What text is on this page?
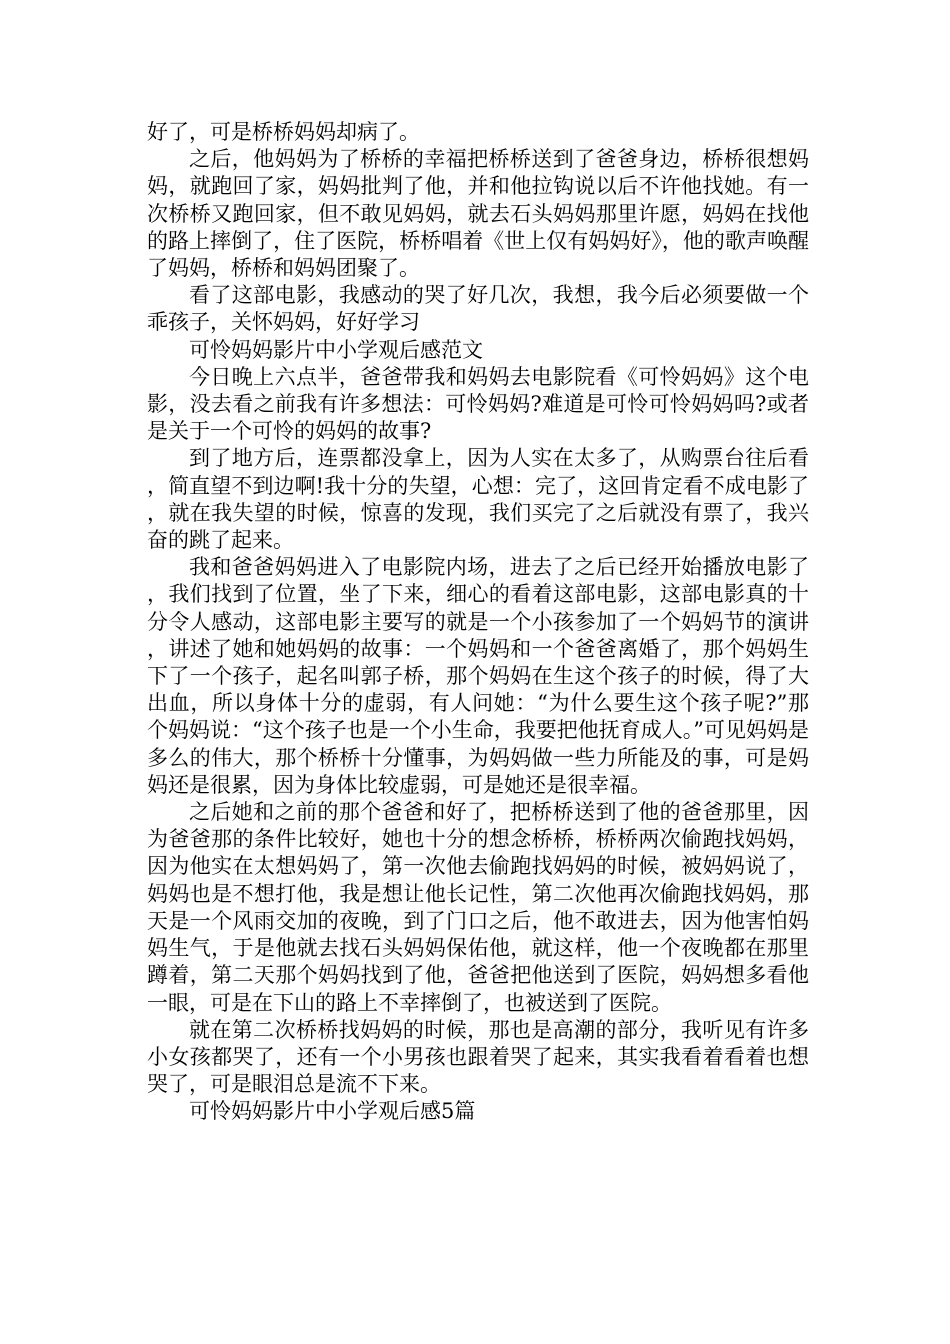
好了，可是桥桥妈妈却病了。

之后，他妈妈为了桥桥的幸福把桥桥送到了爸爸身边，桥桥很想妈妈，就跑回了家，妈妈批判了他，并和他拉钩说以后不许他找她。有一次桥桥又跑回家，但不敢见妈妈，就去石头妈妈那里许愿，妈妈在找他的路上摔倒了，住了医院，桥桥唱着《世上仅有妈妈好》，他的歌声唤醒了妈妈，桥桥和妈妈团聚了。

看了这部电影，我感动的哭了好几次，我想，我今后必须要做一个乖孩子，关怀妈妈，好好学习

可怜妈妈影片中小学观后感范文

今日晚上六点半，爸爸带我和妈妈去电影院看《可怜妈妈》这个电影，没去看之前我有许多想法：可怜妈妈?难道是可怜可怜妈妈吗?或者是关于一个可怜的妈妈的故事?

到了地方后，连票都没拿上，因为人实在太多了，从购票台往后看，简直望不到边啊!我十分的失望，心想：完了，这回肯定看不成电影了，就在我失望的时候，惊喜的发现，我们买完了之后就没有票了，我兴奋的跳了起来。

我和爸爸妈妈进入了电影院内场，进去了之后已经开始播放电影了，我们找到了位置，坐了下来，细心的看着这部电影，这部电影真的十分令人感动，这部电影主要写的就是一个小孩参加了一个妈妈节的演讲，讲述了她和她妈妈的故事：一个妈妈和一个爸爸离婚了，那个妈妈生下了一个孩子，起名叫郭子桥，那个妈妈在生这个孩子的时候，得了大出血，所以身体十分的虚弱，有人问她：“为什么要生这个孩子呢?”那个妈妈说：“这个孩子也是一个小生命，我要把他抚育成人。”可见妈妈是多么的伟大，那个桥桥十分懂事，为妈妈做一些力所能及的事，可是妈妈还是很累，因为身体比较虚弱，可是她还是很幸福。

之后她和之前的那个爸爸和好了，把桥桥送到了他的爸爸那里，因为爸爸那的条件比较好，她也十分的想念桥桥，桥桥两次偷跑找妈妈，因为他实在太想妈妈了，第一次他去偷跑找妈妈的时候，被妈妈说了，妈妈也是不想打他，我是想让他长记性，第二次他再次偷跑找妈妈，那天是一个风雨交加的夜晚，到了门口之后，他不敢进去，因为他害怕妈妈生气，于是他就去找石头妈妈保佑他，就这样，他一个夜晚都在那里蹲着，第二天那个妈妈找到了他，爸爸把他送到了医院，妈妈想多看他一眼，可是在下山的路上不幸摔倒了，也被送到了医院。

就在第二次桥桥找妈妈的时候，那也是高潮的部分，我听见有许多小女孩都哭了，还有一个小男孩也跟着哭了起来，其实我看着看着也想哭了，可是眼泪总是流不下来。

可怜妈妈影片中小学观后感5篇
